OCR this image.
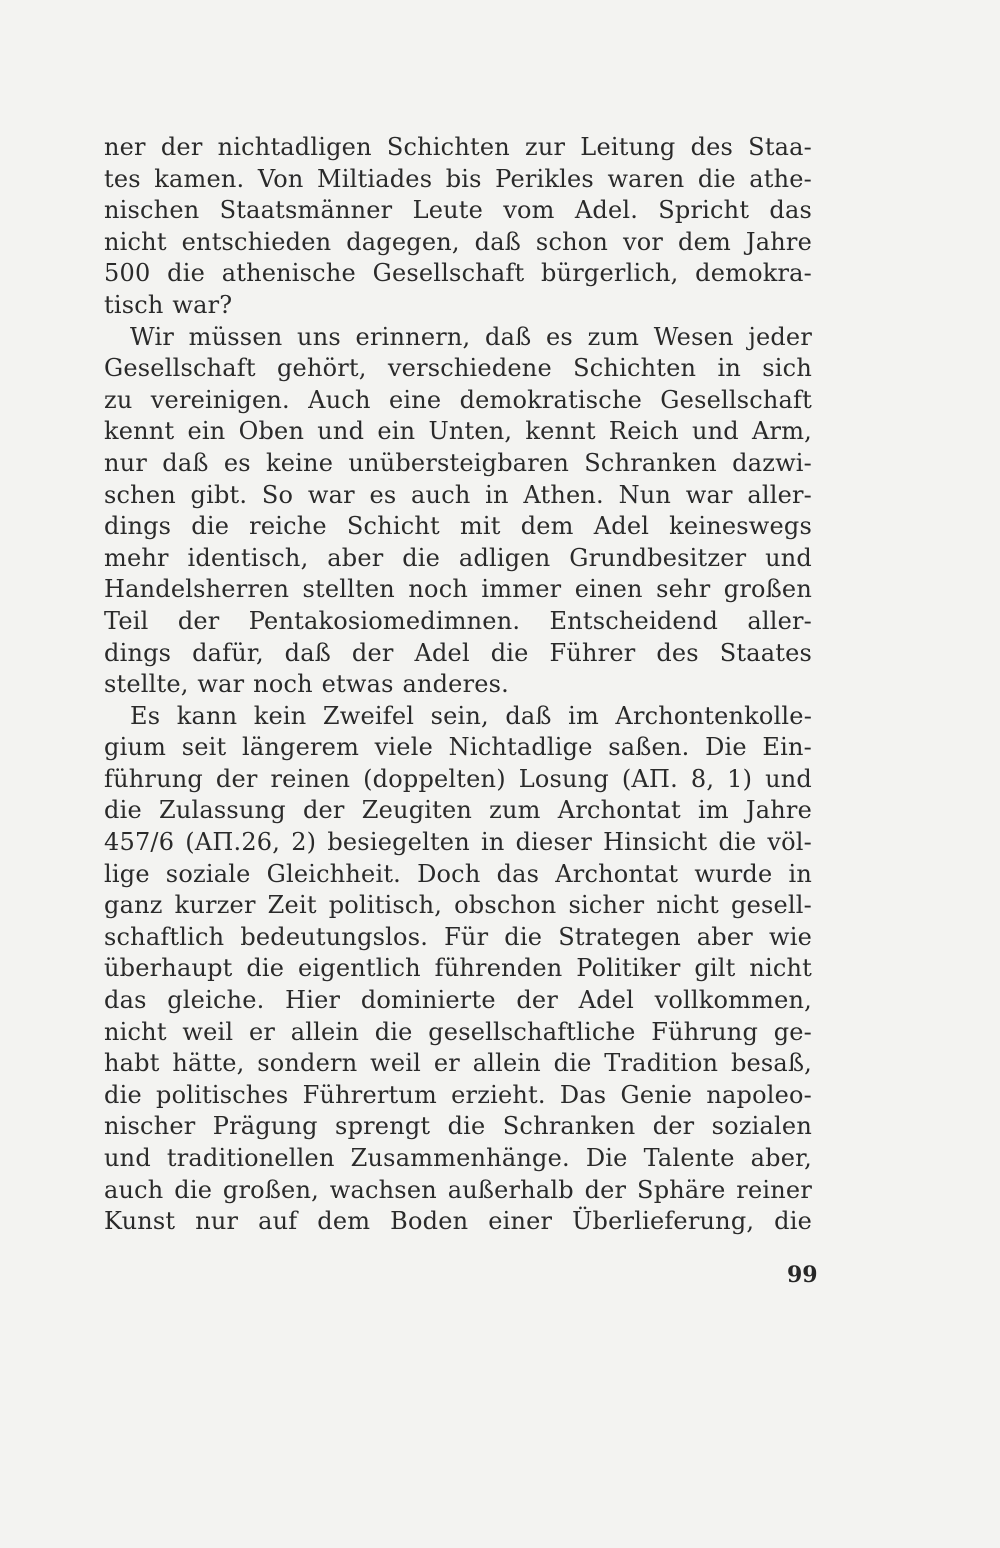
ner der nichtadligen Schichten zur Leitung des Staa-
tes kamen. Von Miltiades bis Perikles waren die athe-
nischen Staatsmänner Leute vom Adel. Spricht das
nicht entschieden dagegen, daß schon vor dem Jahre
500 die athenische Gesellschaft bürgerlich, demokra-
tisch war?
Wir müssen uns erinnern, daß es zum Wesen jeder
Gesellschaft gehört, verschiedene Schichten in sich
zu vereinigen. Auch eine demokratische Gesellschaft
kennt ein Oben und ein Unten, kennt Reich und Arm,
nur daß es keine unübersteigbaren Schranken dazwi-
schen gibt. So war es auch in Athen. Nun war aller-
dings die reiche Schicht mit dem Adel keineswegs
mehr identisch, aber die adligen Grundbesitzer und
Handelsherren stellten noch immer einen sehr großen
Teil der Pentakosiomedimnen. Entscheidend aller-
dings dafür, daß der Adel die Führer des Staates
stellte, war noch etwas anderes.
Es kann kein Zweifel sein, daß im Archontenkolle-
gium seit längerem viele Nichtadlige saßen. Die Ein-
führung der reinen (doppelten) Losung (AΠ. 8, 1) und
die Zulassung der Zeugiten zum Archontat im Jahre
457/6 (AΠ.26, 2) besiegelten in dieser Hinsicht die völ-
lige soziale Gleichheit. Doch das Archontat wurde in
ganz kurzer Zeit politisch, obschon sicher nicht gesell-
schaftlich bedeutungslos. Für die Strategen aber wie
überhaupt die eigentlich führenden Politiker gilt nicht
das gleiche. Hier dominierte der Adel vollkommen,
nicht weil er allein die gesellschaftliche Führung ge-
habt hätte, sondern weil er allein die Tradition besaß,
die politisches Führertum erzieht. Das Genie napoleo-
nischer Prägung sprengt die Schranken der sozialen
und traditionellen Zusammenhänge. Die Talente aber,
auch die großen, wachsen außerhalb der Sphäre reiner
Kunst nur auf dem Boden einer Überlieferung, die
99
